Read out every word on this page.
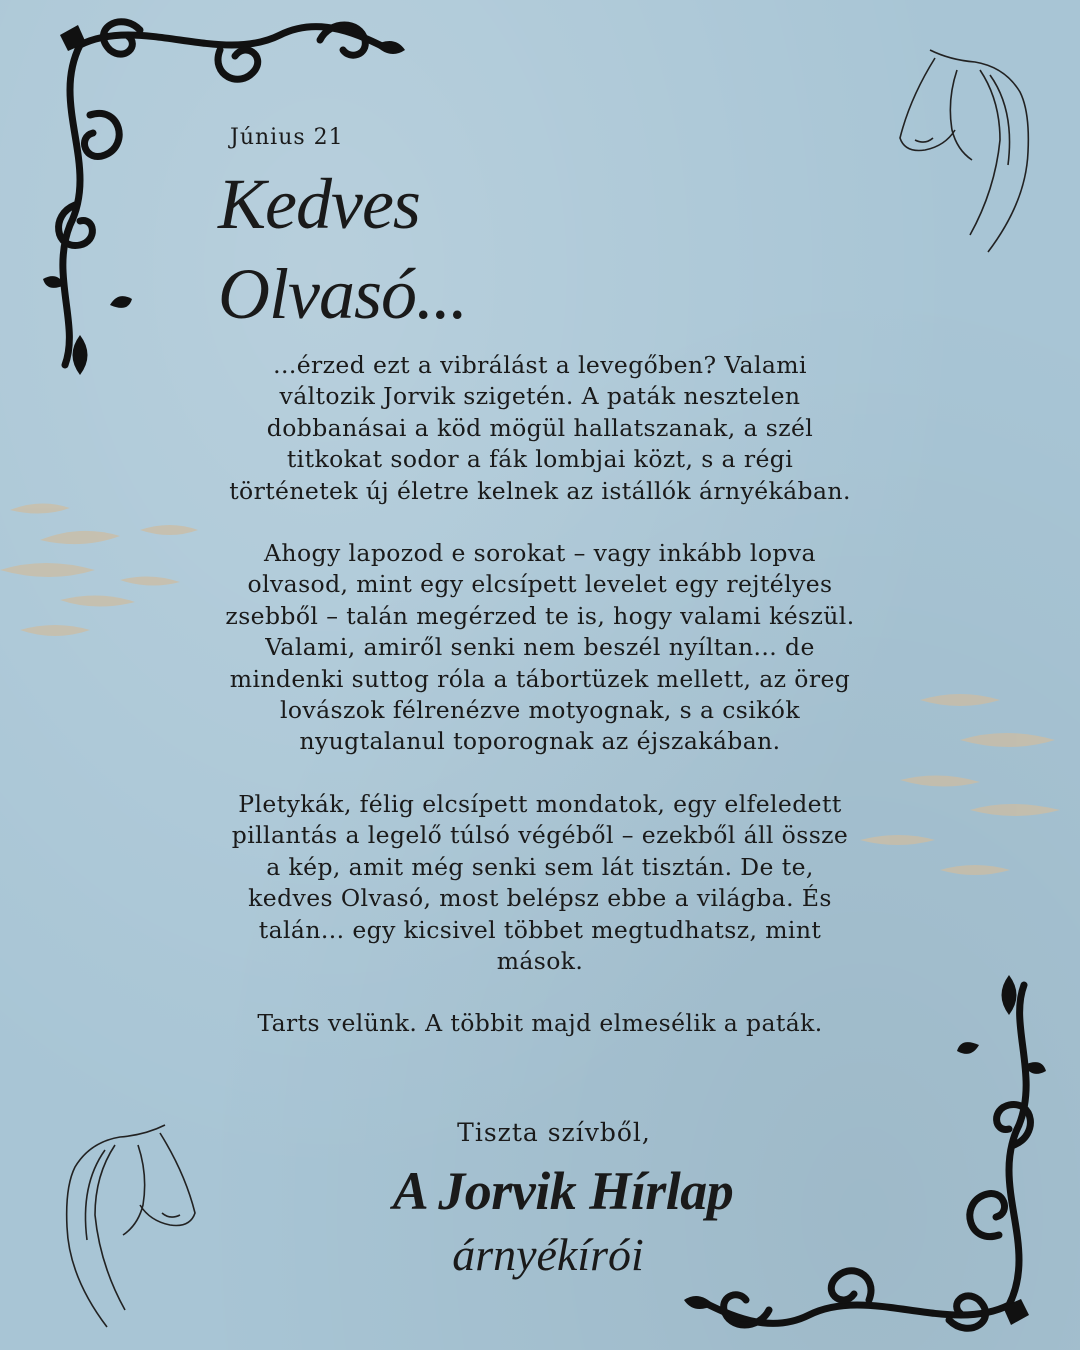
Június 21
Kedves
Olvasó...

...érzed ezt a vibrálást a levegőben? Valami változik Jorvik szigetén. A paták nesztelen dobbanásai a köd mögül hallatszanak, a szél titkokat sodor a fák lombjai közt, s a régi történetek új életre kelnek az istállók árnyékában.

Ahogy lapozod e sorokat – vagy inkább lopva olvasod, mint egy elcsípett levelet egy rejtélyes zsebből – talán megérzed te is, hogy valami készül. Valami, amiről senki nem beszél nyíltan... de mindenki suttog róla a tábortüzek mellett, az öreg lovászok félrenézve motyognak, s a csikók nyugtalanul toporognak az éjszakában.

Pletykák, félig elcsípett mondatok, egy elfeledett pillantás a legelő túlsó végéből – ezekből áll össze a kép, amit még senki sem lát tisztán. De te, kedves Olvasó, most belépsz ebbe a világba. És talán... egy kicsivel többet megtudhatsz, mint mások.

Tarts velünk. A többit majd elmesélik a paták.

Tiszta szívből,
A Jorvik Hírlap
árnyékírói
